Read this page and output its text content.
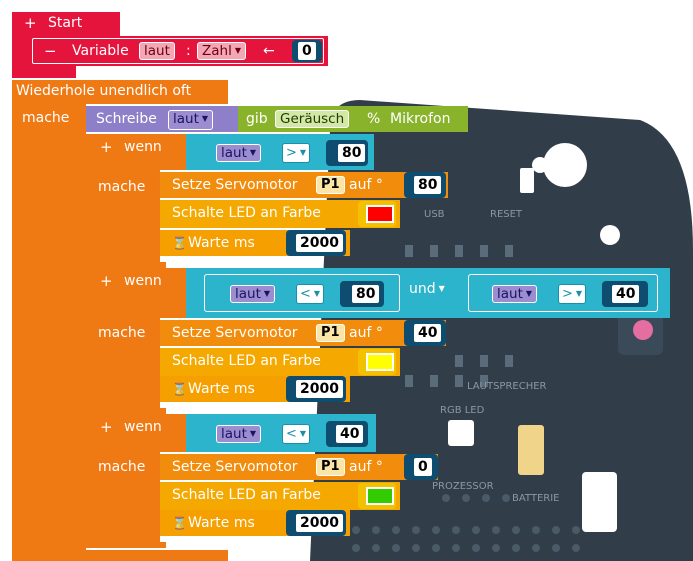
USB	RESET
LAUTSPRECHER
RGB LED
PROZESSOR
BATTERIE
+ Start
− Variable	laut	: Zahl ▼	←	0
Wiederhole unendlich oft
mache Schreibe	laut ▼	gib Geräusch	% Mikrofon
+ wenn
mache
laut ▼	> ▼	80
Setze Servomotor	P1 auf °	80
Schalte LED an Farbe
⌛ Warte ms	2000
+ wenn
mache
laut ▼	< ▼	80	und ▼	laut ▼	> ▼	40
Setze Servomotor	P1 auf °	40
Schalte LED an Farbe
⌛ Warte ms	2000
+ wenn
mache
laut ▼	< ▼	40
Setze Servomotor	P1 auf °	0
Schalte LED an Farbe
⌛ Warte ms	2000
